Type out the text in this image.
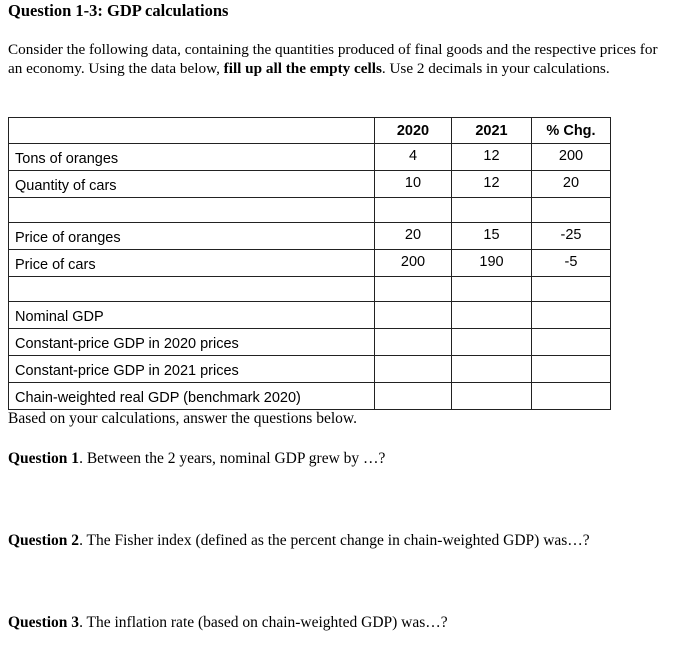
Question 1-3: GDP calculations
Consider the following data, containing the quantities produced of final goods and the respective prices for an economy. Using the data below, fill up all the empty cells. Use 2 decimals in your calculations.
	2020	2021	% Chg.
Tons of oranges	4	12	200
Quantity of cars	10	12	20

Price of oranges	20	15	-25
Price of cars	200	190	-5

Nominal GDP			
Constant-price GDP in 2020 prices			
Constant-price GDP in 2021 prices			
Chain-weighted real GDP (benchmark 2020)			
Based on your calculations, answer the questions below.
Question 1. Between the 2 years, nominal GDP grew by …?
Question 2. The Fisher index (defined as the percent change in chain-weighted GDP) was…?
Question 3. The inflation rate (based on chain-weighted GDP) was…?
